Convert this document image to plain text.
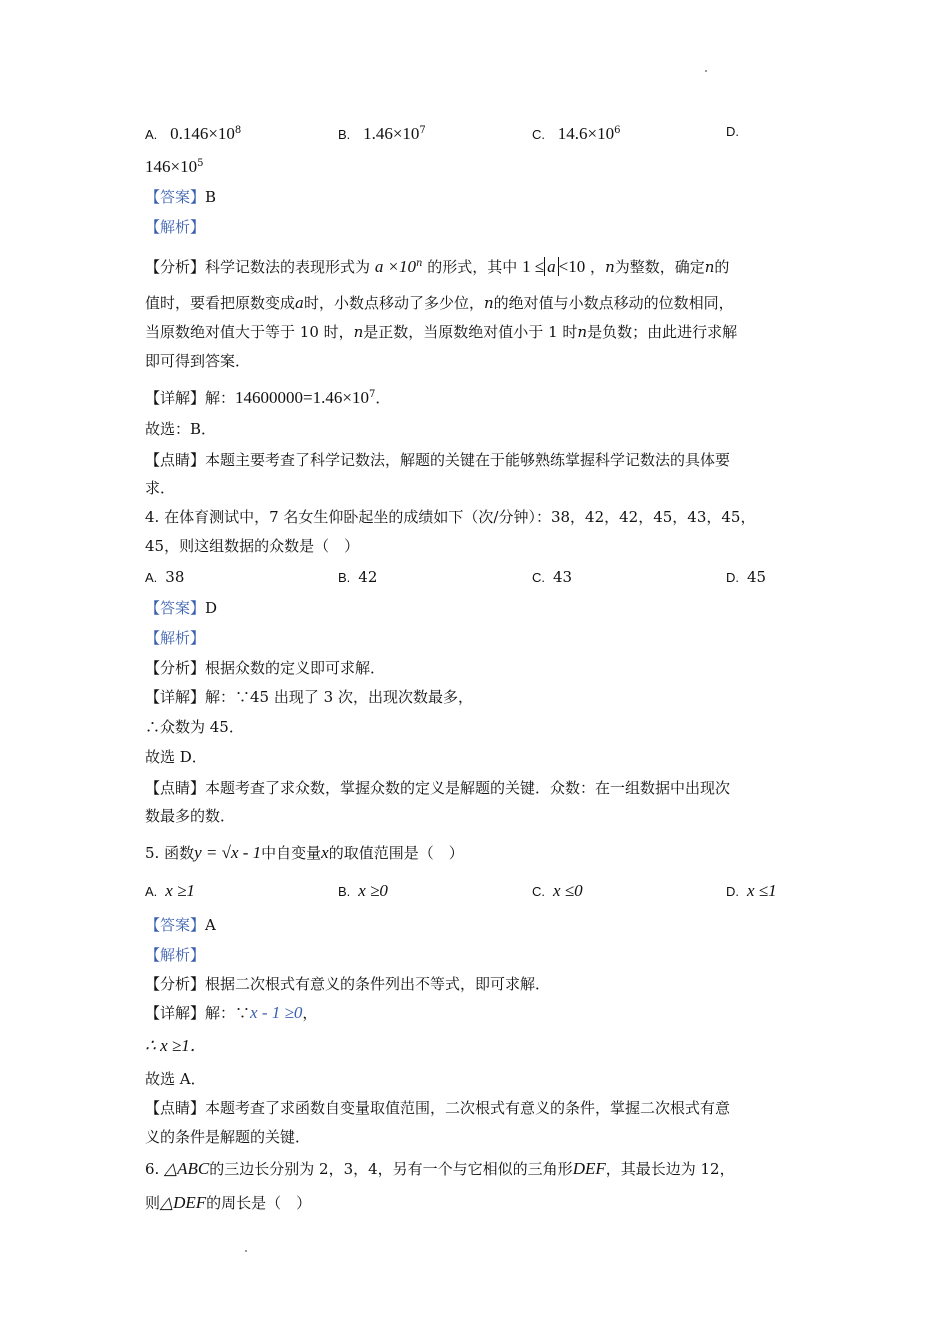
A. $0.146\times 10^8$	B. $1.46\times 10^7$	C. $14.6\times 10^6$	D.
$146\times 10^5$
【答案】B
【解析】
【分析】科学记数法的表现形式为 $a \times 10^n$ 的形式，其中 1 ≤ a <10 ，n为整数，确定n的
值时，要看把原数变成a时，小数点移动了多少位，n的绝对值与小数点移动的位数相同，
当原数绝对值大于等于 10 时，n是正数，当原数绝对值小于 1 时n是负数；由此进行求解
即可得到答案．
【详解】解：$14600000=1.46\times 10^7$．
故选：B．
【点睛】本题主要考查了科学记数法，解题的关键在于能够熟练掌握科学记数法的具体要
求．
4. 在体育测试中，7 名女生仰卧起坐的成绩如下（次/分钟）：38，42，42，45，43，45，
45，则这组数据的众数是（　）
A. 38	B. 42	C. 43	D. 45
【答案】D
【解析】
【分析】根据众数的定义即可求解．
【详解】解：∵45 出现了 3 次，出现次数最多，
∴众数为 45．
故选 D．
【点睛】本题考查了求众数，掌握众数的定义是解题的关键．众数：在一组数据中出现次
数最多的数．
5. 函数y = √x - 1中自变量x的取值范围是（　）
A. x ≥1	B. x ≥0	C. x ≤0	D. x ≤1
【答案】A
【解析】
【分析】根据二次根式有意义的条件列出不等式，即可求解．
【详解】解：∵x - 1 ≥0，
∴ x ≥1．
故选 A．
【点睛】本题考查了求函数自变量取值范围，二次根式有意义的条件，掌握二次根式有意
义的条件是解题的关键．
6. △ABC的三边长分别为 2，3，4，另有一个与它相似的三角形DEF，其最长边为 12，
则△DEF的周长是（　）
